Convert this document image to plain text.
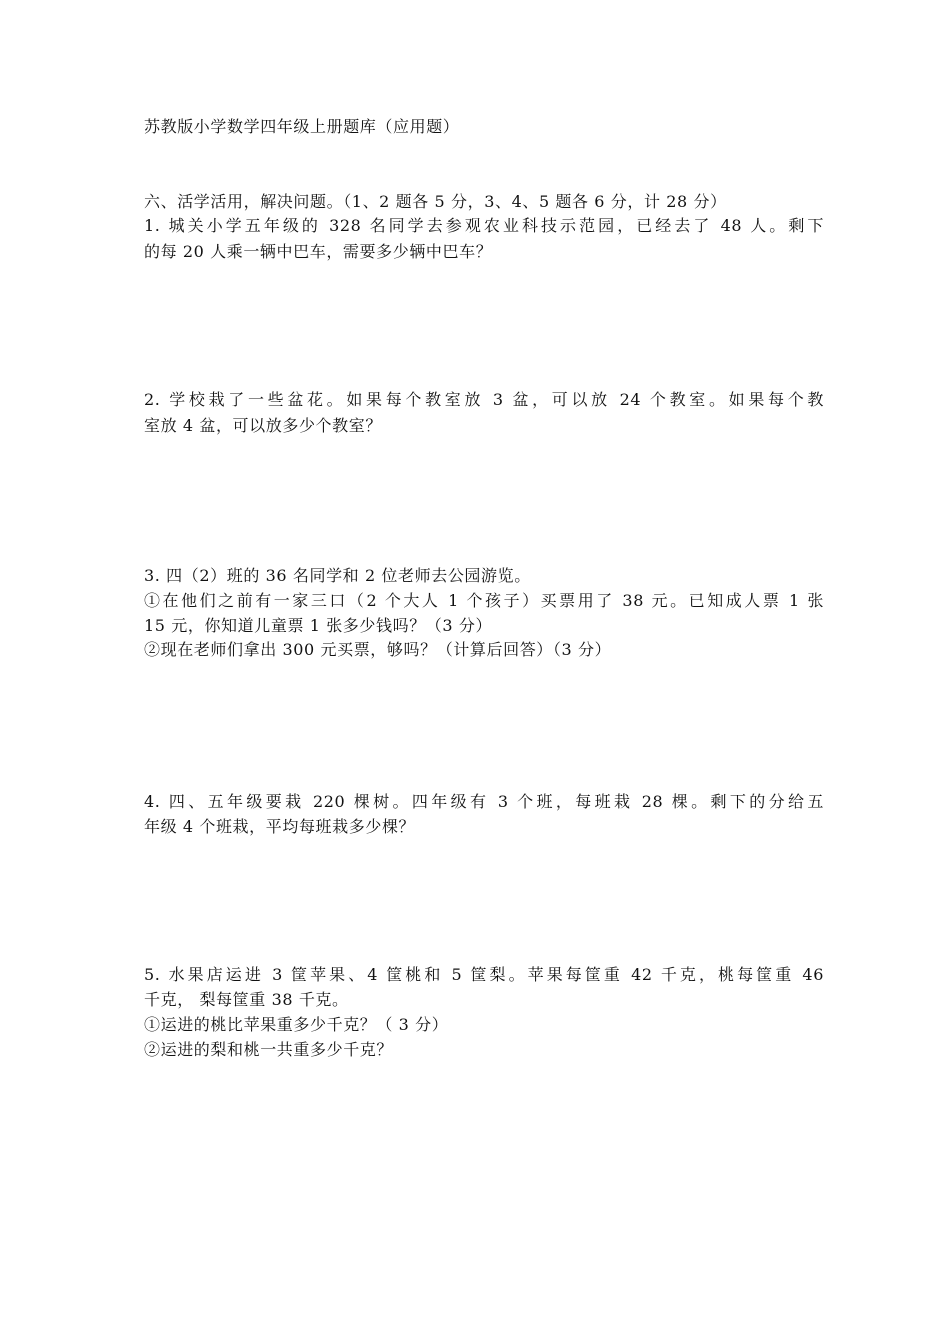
苏教版小学数学四年级上册题库（应用题）
六、活学活用，解决问题。（1、2 题各 5 分，3、4、5 题各 6 分，计 28 分）
1. 城关小学五年级的 328 名同学去参观农业科技示范园，已经去了 48 人。剩下
的每 20 人乘一辆中巴车，需要多少辆中巴车？
2. 学校栽了一些盆花。如果每个教室放 3 盆，可以放 24 个教室。如果每个教
室放 4 盆，可以放多少个教室？
3. 四（2）班的 36 名同学和 2 位老师去公园游览。
①在他们之前有一家三口（2 个大人 1 个孩子）买票用了 38 元。已知成人票 1 张
15 元，你知道儿童票 1 张多少钱吗？（3 分）
②现在老师们拿出 300 元买票，够吗？（计算后回答）（3 分）
4. 四、五年级要栽 220 棵树。四年级有 3 个班，每班栽 28 棵。剩下的分给五
年级 4 个班栽，平均每班栽多少棵？
5. 水果店运进 3 筐苹果、4 筐桃和 5 筐梨。苹果每筐重 42 千克，桃每筐重 46
千克， 梨每筐重 38 千克。
①运进的桃比苹果重多少千克？（ 3 分）
②运进的梨和桃一共重多少千克？
